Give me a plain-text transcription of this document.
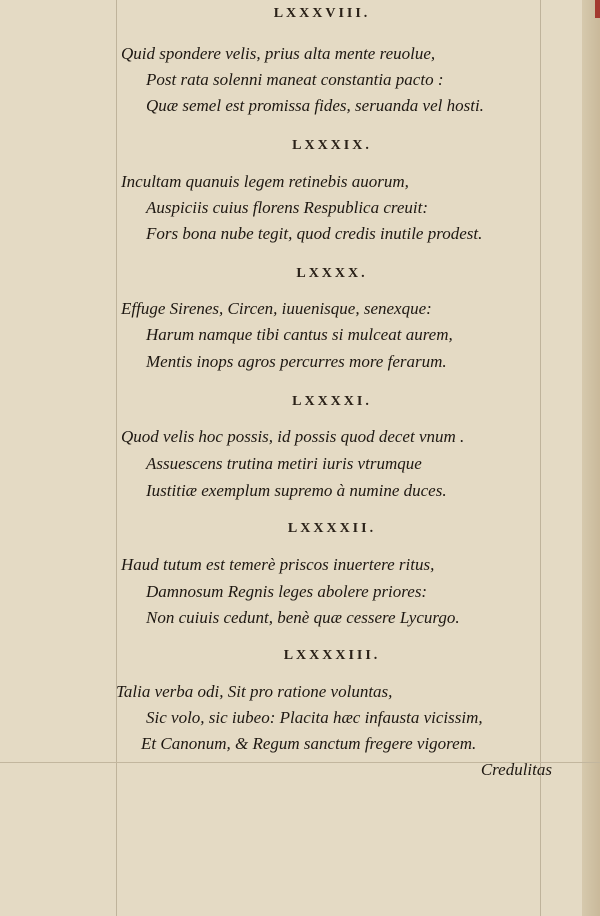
LXXXVIII.
Quid spondere velis, prius alta mente reuolue,
Post rata solenni maneat constantia pacto :
Quæ semel est promissa fides, seruanda vel hosti.
LXXXIX.
Incultam quanuis legem retinebis auorum,
Auspiciis cuius florens Respublica creuit:
Fors bona nube tegit, quod credis inutile prodest.
LXXXX.
Effuge Sirenes, Circen, iuuenisque, senexque:
Harum namque tibi cantus si mulceat aurem,
Mentis inops agros percurres more ferarum.
LXXXXI.
Quod velis hoc possis, id possis quod decet vnum .
Assuescens trutina metiri iuris vtrumque
Iustitiæ exemplum supremo à numine duces.
LXXXXII.
Haud tutum est temerè priscos inuertere ritus,
Damnosum Regnis leges abolere priores:
Non cuiuis cedunt, benè quæ cessere Lycurgo.
LXXXXIII.
Talia verba odi, Sit pro ratione voluntas,
Sic volo, sic iubeo: Placita hæc infausta vicissim,
Et Canonum, & Regum sanctum fregere vigorem.
Credulitas
